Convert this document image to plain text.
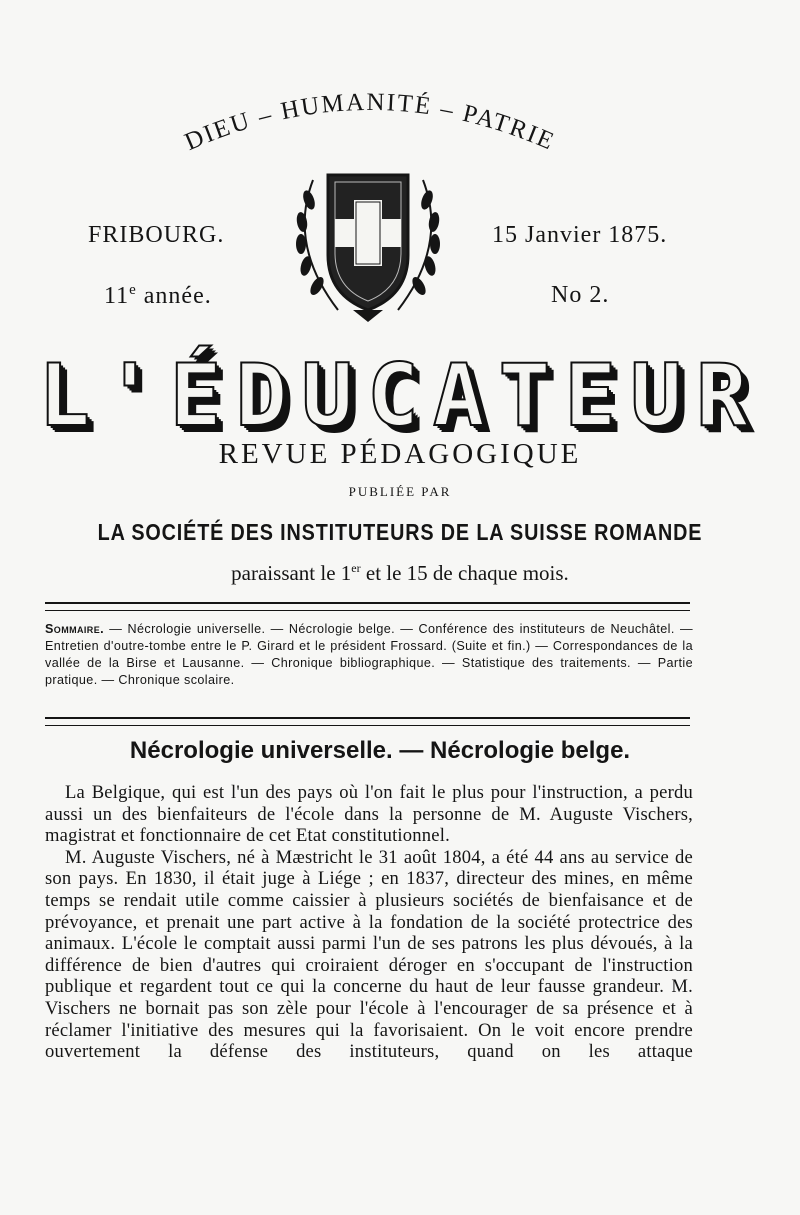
DIEU – HUMANITÉ – PATRIE
FRIBOURG.	15 Janvier 1875.
11e année.	No 2.
L'ÉDUCATEUR
REVUE PÉDAGOGIQUE
PUBLIÉE PAR
LA SOCIÉTÉ DES INSTITUTEURS DE LA SUISSE ROMANDE
paraissant le 1er et le 15 de chaque mois.
Sommaire. — Nécrologie universelle. — Nécrologie belge. — Conférence des instituteurs de Neuchâtel. — Entretien d'outre-tombe entre le P. Girard et le président Frossard. (Suite et fin.) — Correspondances de la vallée de la Birse et Lausanne. — Chronique bibliographique. — Statistique des traitements. — Partie pratique. — Chronique scolaire.
Nécrologie universelle. — Nécrologie belge.

La Belgique, qui est l'un des pays où l'on fait le plus pour l'instruction, a perdu aussi un des bienfaiteurs de l'école dans la personne de M. Auguste Vischers, magistrat et fonctionnaire de cet Etat constitutionnel.

M. Auguste Vischers, né à Mæstricht le 31 août 1804, a été 44 ans au service de son pays. En 1830, il était juge à Liége ; en 1837, directeur des mines, en même temps se rendait utile comme caissier à plusieurs sociétés de bienfaisance et de prévoyance, et prenait une part active à la fondation de la société protectrice des animaux. L'école le comptait aussi parmi l'un de ses patrons les plus dévoués, à la différence de bien d'autres qui croiraient déroger en s'occupant de l'instruction publique et regardent tout ce qui la concerne du haut de leur fausse grandeur. M. Vischers ne bornait pas son zèle pour l'école à l'encourager de sa présence et à réclamer l'initiative des mesures qui la favorisaient. On le voit encore prendre ouvertement la défense des instituteurs, quand on les attaque
